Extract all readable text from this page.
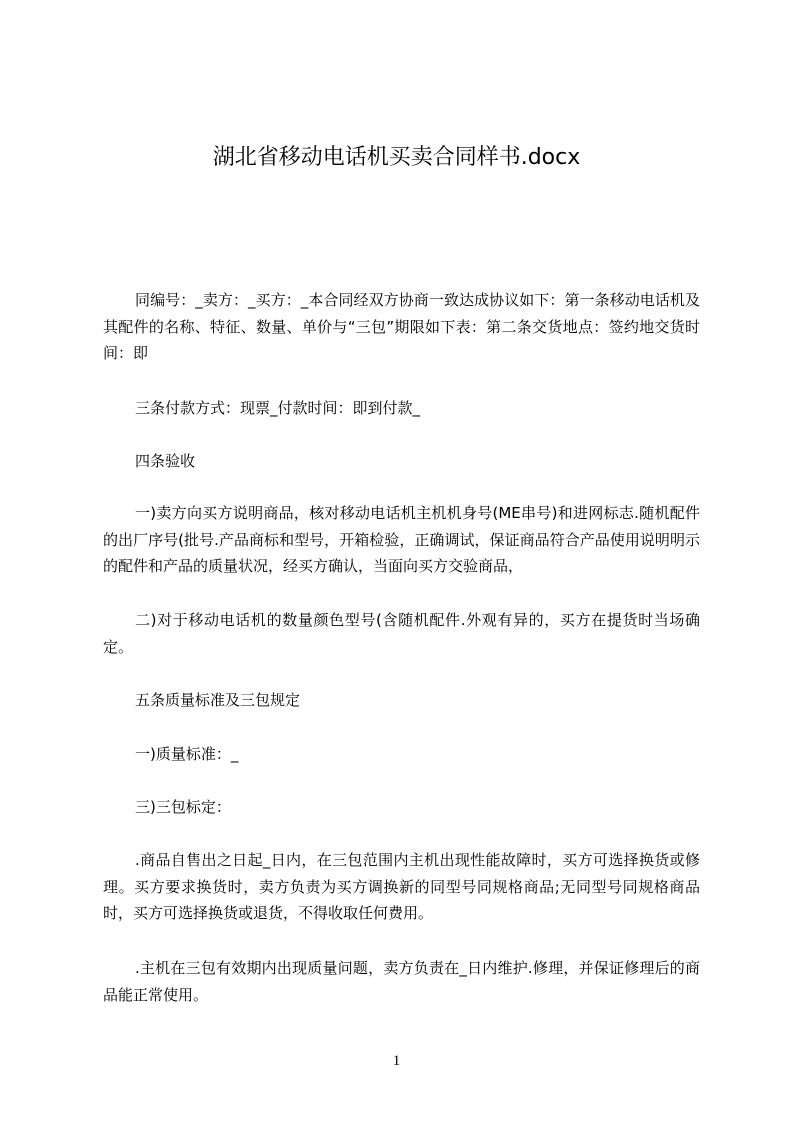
湖北省移动电话机买卖合同样书.docx

同编号：_卖方：_买方：_本合同经双方协商一致达成协议如下：第一条移动电话机及其配件的名称、特征、数量、单价与“三包”期限如下表：第二条交货地点：签约地交货时间：即

三条付款方式：现票_付款时间：即到付款_

四条验收

一)卖方向买方说明商品，核对移动电话机主机机身号(ME串号)和进网标志.随机配件的出厂序号(批号.产品商标和型号，开箱检验，正确调试，保证商品符合产品使用说明明示的配件和产品的质量状况，经买方确认，当面向买方交验商品，

二)对于移动电话机的数量颜色型号(含随机配件.外观有异的，买方在提货时当场确定。

五条质量标准及三包规定

一)质量标准：_

三)三包标定：

.商品自售出之日起_日内，在三包范围内主机出现性能故障时，买方可选择换货或修理。买方要求换货时，卖方负责为买方调换新的同型号同规格商品;无同型号同规格商品时，买方可选择换货或退货，不得收取任何费用。

.主机在三包有效期内出现质量问题，卖方负责在_日内维护.修理，并保证修理后的商品能正常使用。

1
